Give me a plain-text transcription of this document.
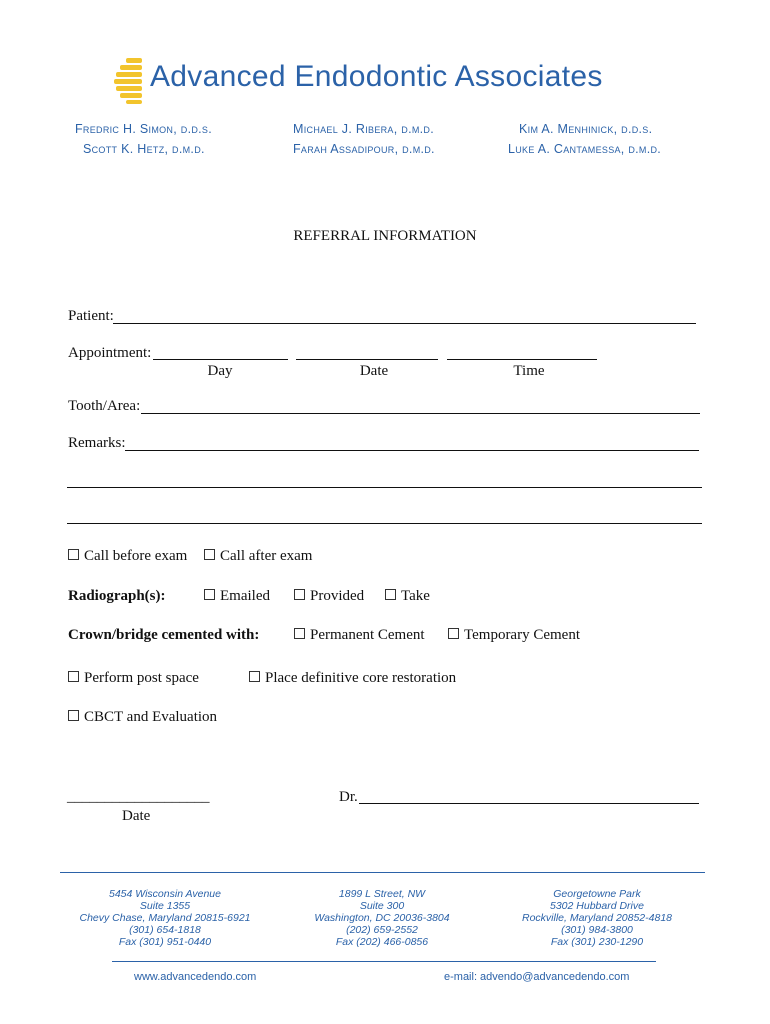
Advanced Endodontic Associates
Fredric H. Simon, d.d.s.
Scott K. Hetz, d.m.d.
Michael J. Ribera, d.m.d.
Farah Assadipour, d.m.d.
Kim A. Menhinick, d.d.s.
Luke A. Cantamessa, d.m.d.
REFERRAL INFORMATION
Patient:
Appointment:
Day	Date	Time
Tooth/Area:
Remarks:
Call before exam	Call after exam
Radiograph(s):	Emailed	Provided	Take
Crown/bridge cemented with:	Permanent Cement	Temporary Cement
Perform post space	Place definitive core restoration
CBCT and Evaluation
___________________
Date
Dr.
5454 Wisconsin Avenue
Suite 1355
Chevy Chase, Maryland 20815-6921
(301) 654-1818
Fax (301) 951-0440
1899 L Street, NW
Suite 300
Washington, DC 20036-3804
(202) 659-2552
Fax (202) 466-0856
Georgetowne Park
5302 Hubbard Drive
Rockville, Maryland 20852-4818
(301) 984-3800
Fax (301) 230-1290
www.advancedendo.com	e-mail: advendo@advancedendo.com
